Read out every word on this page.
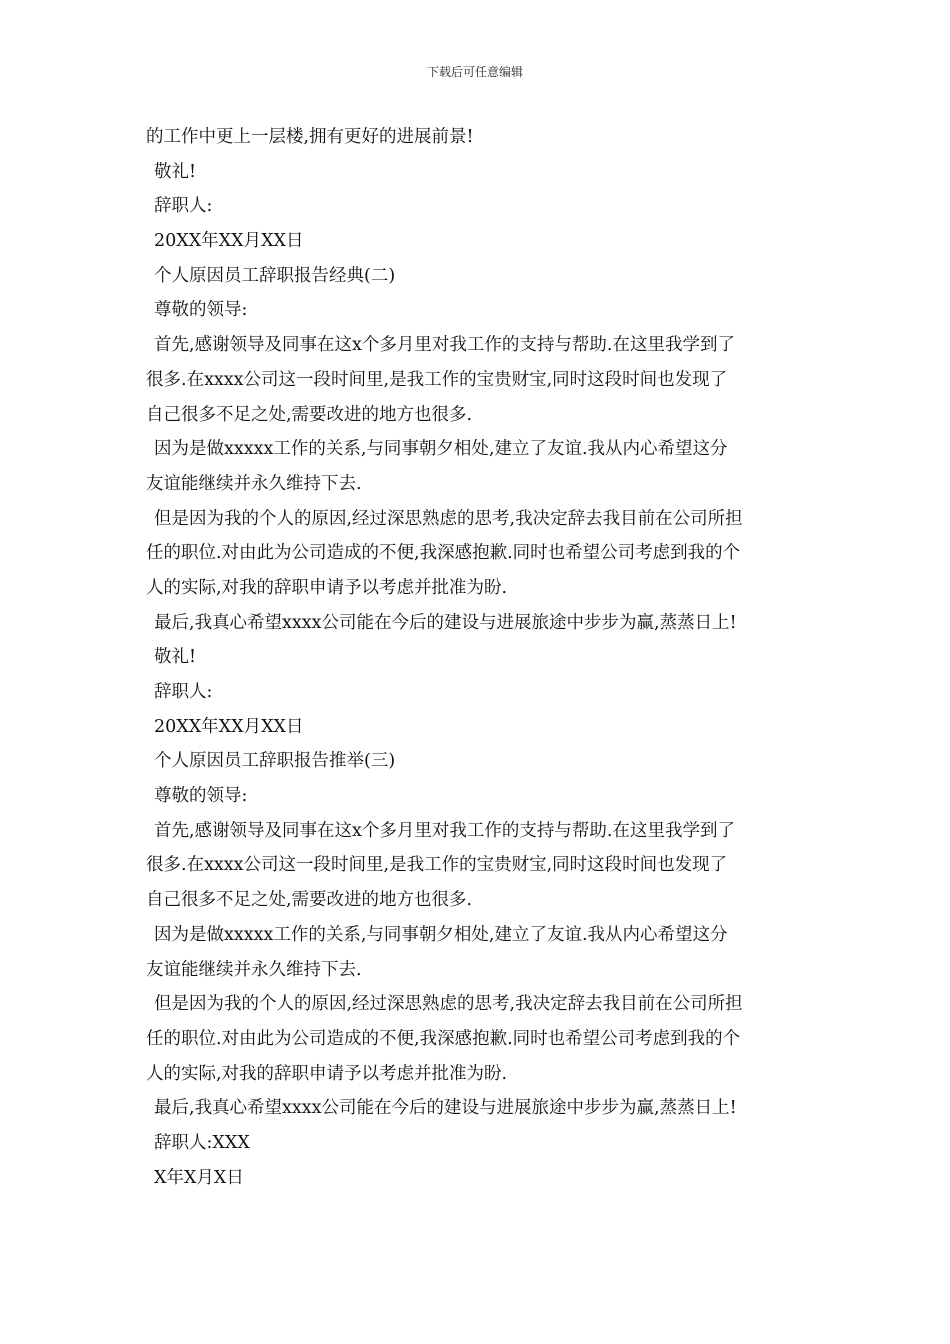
下载后可任意编辑
的工作中更上一层楼,拥有更好的进展前景!
敬礼!
辞职人:
20XX年XX月XX日
个人原因员工辞职报告经典(二)
尊敬的领导:
首先,感谢领导及同事在这x个多月里对我工作的支持与帮助.在这里我学到了
很多.在xxxx公司这一段时间里,是我工作的宝贵财宝,同时这段时间也发现了
自己很多不足之处,需要改进的地方也很多.
因为是做xxxxx工作的关系,与同事朝夕相处,建立了友谊.我从内心希望这分
友谊能继续并永久维持下去.
但是因为我的个人的原因,经过深思熟虑的思考,我决定辞去我目前在公司所担
任的职位.对由此为公司造成的不便,我深感抱歉.同时也希望公司考虑到我的个
人的实际,对我的辞职申请予以考虑并批准为盼.
最后,我真心希望xxxx公司能在今后的建设与进展旅途中步步为赢,蒸蒸日上!
敬礼!
辞职人:
20XX年XX月XX日
个人原因员工辞职报告推举(三)
尊敬的领导:
首先,感谢领导及同事在这x个多月里对我工作的支持与帮助.在这里我学到了
很多.在xxxx公司这一段时间里,是我工作的宝贵财宝,同时这段时间也发现了
自己很多不足之处,需要改进的地方也很多.
因为是做xxxxx工作的关系,与同事朝夕相处,建立了友谊.我从内心希望这分
友谊能继续并永久维持下去.
但是因为我的个人的原因,经过深思熟虑的思考,我决定辞去我目前在公司所担
任的职位.对由此为公司造成的不便,我深感抱歉.同时也希望公司考虑到我的个
人的实际,对我的辞职申请予以考虑并批准为盼.
最后,我真心希望xxxx公司能在今后的建设与进展旅途中步步为赢,蒸蒸日上!
辞职人:XXX
X年X月X日
